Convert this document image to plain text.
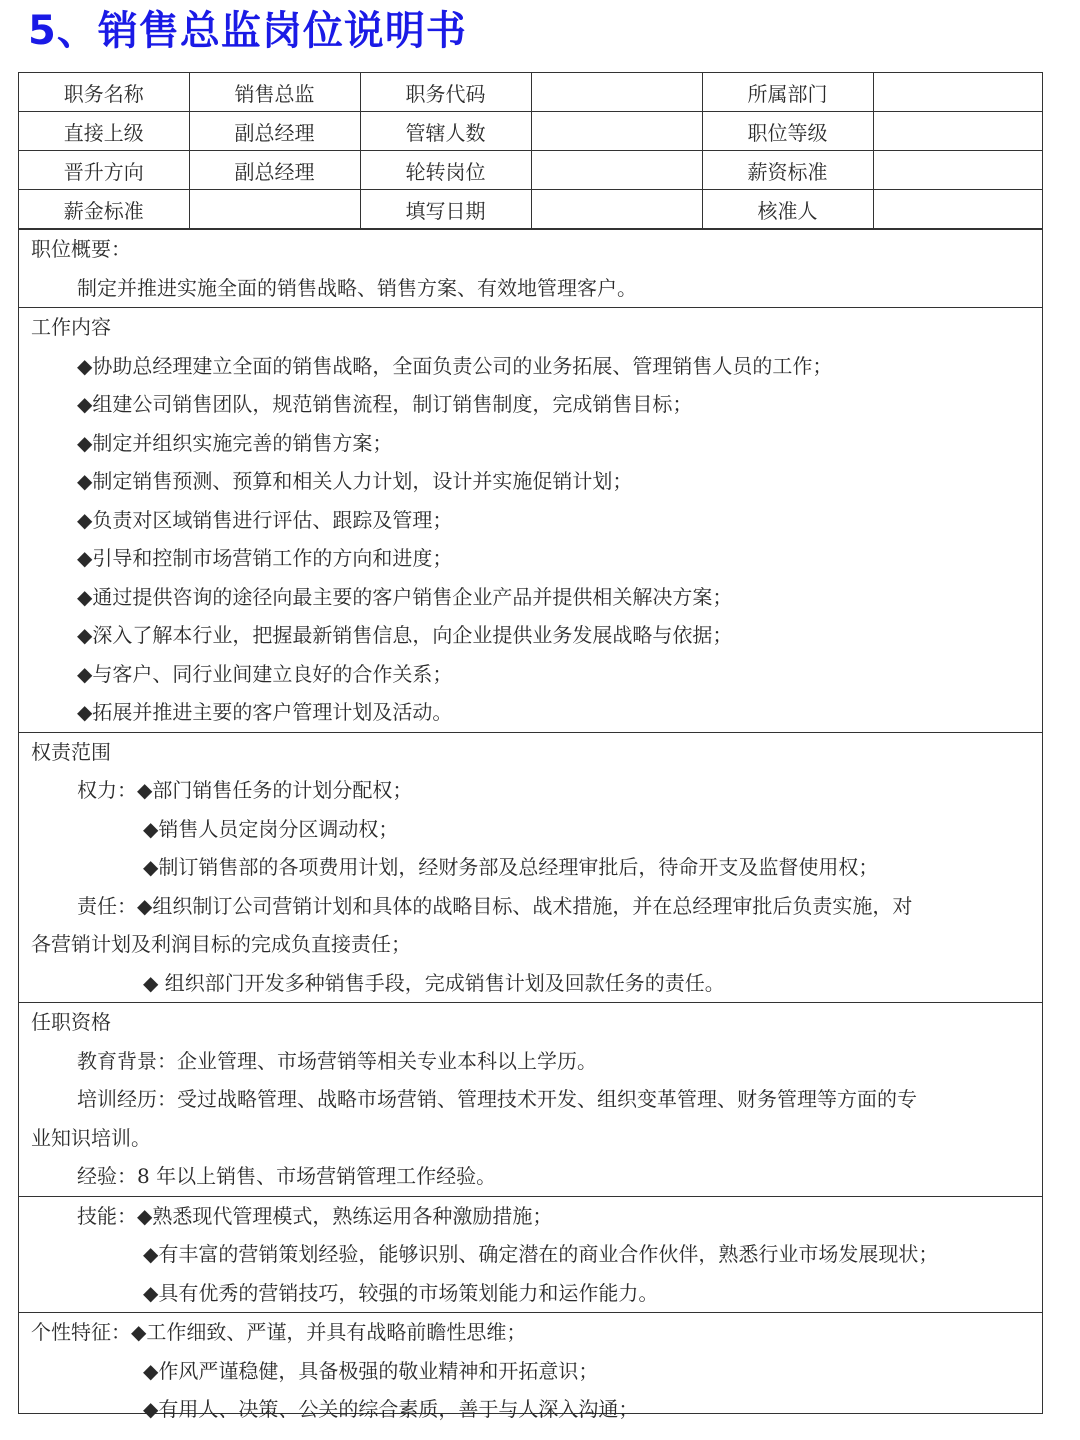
5、销售总监岗位说明书
职务名称	销售总监	职务代码		所属部门	
直接上级	副总经理	管辖人数		职位等级	
晋升方向	副总经理	轮转岗位		薪资标准	
薪金标准		填写日期		核准人	
职位概要：
制定并推进实施全面的销售战略、销售方案、有效地管理客户。
工作内容
◆协助总经理建立全面的销售战略，全面负责公司的业务拓展、管理销售人员的工作；
◆组建公司销售团队，规范销售流程，制订销售制度，完成销售目标；
◆制定并组织实施完善的销售方案；
◆制定销售预测、预算和相关人力计划，设计并实施促销计划；
◆负责对区域销售进行评估、跟踪及管理；
◆引导和控制市场营销工作的方向和进度；
◆通过提供咨询的途径向最主要的客户销售企业产品并提供相关解决方案；
◆深入了解本行业，把握最新销售信息，向企业提供业务发展战略与依据；
◆与客户、同行业间建立良好的合作关系；
◆拓展并推进主要的客户管理计划及活动。
权责范围
权力：◆部门销售任务的计划分配权；
◆销售人员定岗分区调动权；
◆制订销售部的各项费用计划，经财务部及总经理审批后，待命开支及监督使用权；
责任：◆组织制订公司营销计划和具体的战略目标、战术措施，并在总经理审批后负责实施，对
各营销计划及利润目标的完成负直接责任；
◆ 组织部门开发多种销售手段，完成销售计划及回款任务的责任。
任职资格
教育背景：企业管理、市场营销等相关专业本科以上学历。
培训经历：受过战略管理、战略市场营销、管理技术开发、组织变革管理、财务管理等方面的专
业知识培训。
经验：8 年以上销售、市场营销管理工作经验。
技能：◆熟悉现代管理模式，熟练运用各种激励措施；
◆有丰富的营销策划经验，能够识别、确定潜在的商业合作伙伴，熟悉行业市场发展现状；
◆具有优秀的营销技巧，较强的市场策划能力和运作能力。
个性特征：◆工作细致、严谨，并具有战略前瞻性思维；
◆作风严谨稳健，具备极强的敬业精神和开拓意识；
◆有用人、决策、公关的综合素质，善于与人深入沟通；
